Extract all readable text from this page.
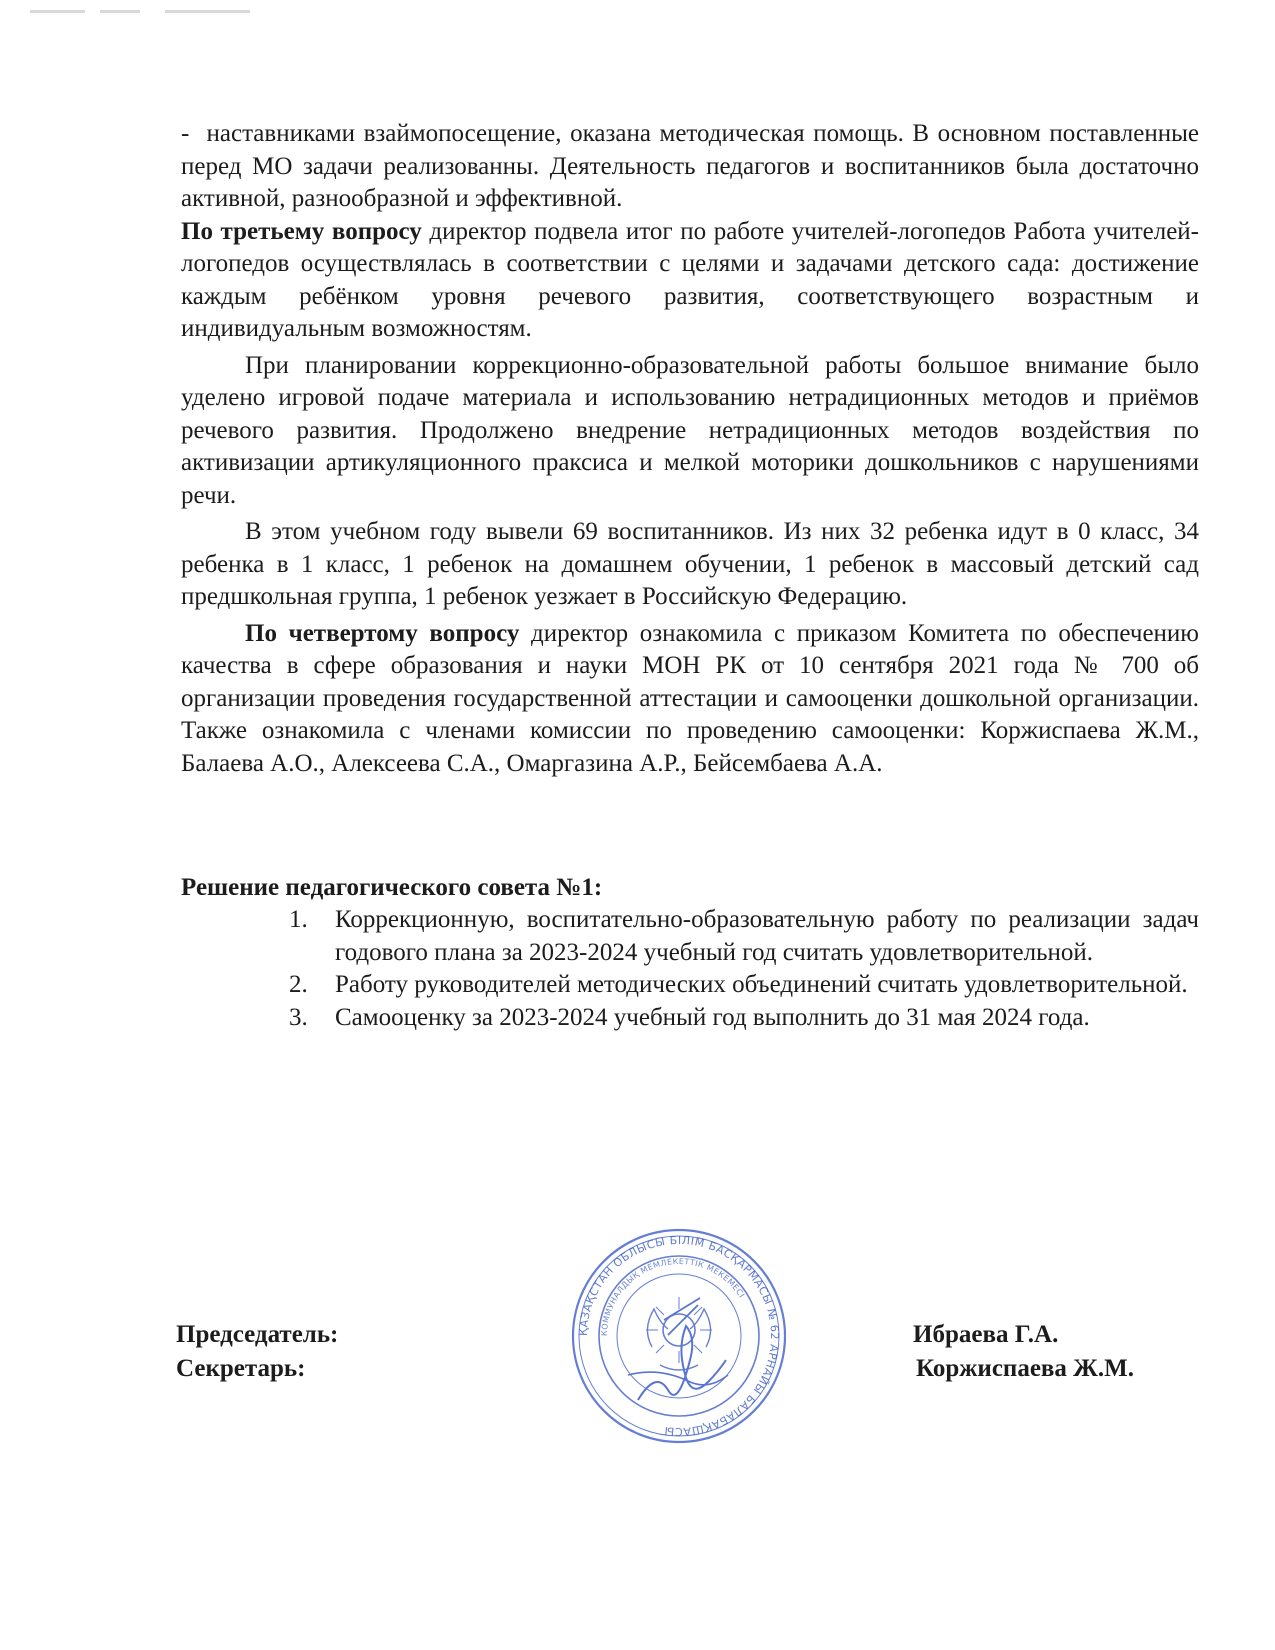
- наставниками взаймопосещение, оказана методическая помощь. В основном поставленные перед МО задачи реализованны. Деятельность педагогов и воспитанников была достаточно активной, разнообразной и эффективной.

По третьему вопросу директор подвела итог по работе учителей-логопедов Работа учителей-логопедов осуществлялась в соответствии с целями и задачами детского сада: достижение каждым ребёнком уровня речевого развития, соответствующего возрастным и индивидуальным возможностям.

При планировании коррекционно-образовательной работы большое внимание было уделено игровой подаче материала и использованию нетрадиционных методов и приёмов речевого развития. Продолжено внедрение нетрадиционных методов воздействия по активизации артикуляционного праксиса и мелкой моторики дошкольников с нарушениями речи.

В этом учебном году вывели 69 воспитанников. Из них 32 ребенка идут в 0 класс, 34 ребенка в 1 класс, 1 ребенок на домашнем обучении, 1 ребенок в массовый детский сад предшкольная группа, 1 ребенок уезжает в Российскую Федерацию.

По четвертому вопросу директор ознакомила с приказом Комитета по обеспечению качества в сфере образования и науки МОН РК от 10 сентября 2021 года № 700 об организации проведения государственной аттестации и самооценки дошкольной организации. Также ознакомила с членами комиссии по проведению самооценки: Коржиспаева Ж.М., Балаева А.О., Алексеева С.А., Омаргазина А.Р., Бейсембаева А.А.

Решение педагогического совета №1:

1.	Коррекционную, воспитательно-образовательную работу по реализации задач годового плана за 2023-2024 учебный год считать удовлетворительной.
2.	Работу руководителей методических объединений считать удовлетворительной.
3.	Самооценку за 2023-2024 учебный год выполнить до 31 мая 2024 года.
ҚАЗАҚСТАН ОБЛЫСЫ БІЛІМ БАСҚАРМАСЫ № 62 АРНАЙЫ БАЛАБАҚШАСЫ
КОММУНАЛДЫҚ МЕМЛЕКЕТТІК МЕКЕМЕСІ

Председатель:

Секретарь:

Ибраева Г.А.

Коржиспаева Ж.М.
